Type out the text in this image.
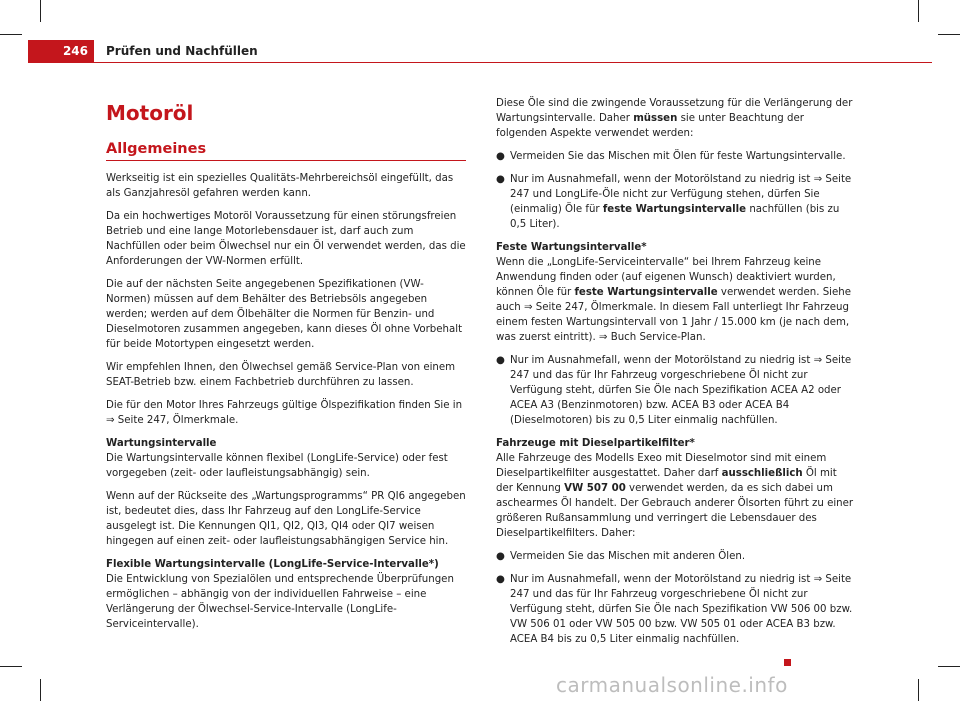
246 Prüfen und Nachfüllen
Motoröl
Allgemeines

Werkseitig ist ein spezielles Qualitäts-Mehrbereichsöl eingefüllt, das als Ganzjahresöl gefahren werden kann.

Da ein hochwertiges Motoröl Voraussetzung für einen störungsfreien Betrieb und eine lange Motorlebensdauer ist, darf auch zum Nachfüllen oder beim Ölwechsel nur ein Öl verwendet werden, das die Anforderungen der VW-Normen erfüllt.

Die auf der nächsten Seite angegebenen Spezifikationen (VW-Normen) müssen auf dem Behälter des Betriebsöls angegeben werden; werden auf dem Ölbehälter die Normen für Benzin- und Dieselmotoren zusammen angegeben, kann dieses Öl ohne Vorbehalt für beide Motortypen eingesetzt werden.

Wir empfehlen Ihnen, den Ölwechsel gemäß Service-Plan von einem SEAT-Betrieb bzw. einem Fachbetrieb durchführen zu lassen.

Die für den Motor Ihres Fahrzeugs gültige Ölspezifikation finden Sie in ⇒ Seite 247, Ölmerkmale.

Wartungsintervalle
Die Wartungsintervalle können flexibel (LongLife-Service) oder fest vorgegeben (zeit- oder laufleistungsabhängig) sein.

Wenn auf der Rückseite des „Wartungsprogramms“ PR QI6 angegeben ist, bedeutet dies, dass Ihr Fahrzeug auf den LongLife-Service ausgelegt ist. Die Kennungen QI1, QI2, QI3, QI4 oder QI7 weisen hingegen auf einen zeit- oder laufleistungsabhängigen Service hin.

Flexible Wartungsintervalle (LongLife-Service-Intervalle*)
Die Entwicklung von Spezialölen und entsprechende Überprüfungen ermöglichen – abhängig von der individuellen Fahrweise – eine Verlängerung der Ölwechsel-Service-Intervalle (LongLife-Serviceintervalle).

Diese Öle sind die zwingende Voraussetzung für die Verlängerung der Wartungsintervalle. Daher müssen sie unter Beachtung der folgenden Aspekte verwendet werden:

● Vermeiden Sie das Mischen mit Ölen für feste Wartungsintervalle.
● Nur im Ausnahmefall, wenn der Motorölstand zu niedrig ist ⇒ Seite 247 und LongLife-Öle nicht zur Verfügung stehen, dürfen Sie (einmalig) Öle für feste Wartungsintervalle nachfüllen (bis zu 0,5 Liter).

Feste Wartungsintervalle*
Wenn die „LongLife-Serviceintervalle“ bei Ihrem Fahrzeug keine Anwendung finden oder (auf eigenen Wunsch) deaktiviert wurden, können Öle für feste Wartungsintervalle verwendet werden. Siehe auch ⇒ Seite 247, Ölmerkmale. In diesem Fall unterliegt Ihr Fahrzeug einem festen Wartungsintervall von 1 Jahr / 15.000 km (je nach dem, was zuerst eintritt). ⇒ Buch Service-Plan.

● Nur im Ausnahmefall, wenn der Motorölstand zu niedrig ist ⇒ Seite 247 und das für Ihr Fahrzeug vorgeschriebene Öl nicht zur Verfügung steht, dürfen Sie Öle nach Spezifikation ACEA A2 oder ACEA A3 (Benzinmotoren) bzw. ACEA B3 oder ACEA B4 (Dieselmotoren) bis zu 0,5 Liter einmalig nachfüllen.

Fahrzeuge mit Dieselpartikelfilter*
Alle Fahrzeuge des Modells Exeo mit Dieselmotor sind mit einem Dieselpartikelfilter ausgestattet. Daher darf ausschließlich Öl mit der Kennung VW 507 00 verwendet werden, da es sich dabei um aschearmes Öl handelt. Der Gebrauch anderer Ölsorten führt zu einer größeren Rußansammlung und verringert die Lebensdauer des Dieselpartikelfilters. Daher:

● Vermeiden Sie das Mischen mit anderen Ölen.
● Nur im Ausnahmefall, wenn der Motorölstand zu niedrig ist ⇒ Seite 247 und das für Ihr Fahrzeug vorgeschriebene Öl nicht zur Verfügung steht, dürfen Sie Öle nach Spezifikation VW 506 00 bzw. VW 506 01 oder VW 505 00 bzw. VW 505 01 oder ACEA B3 bzw. ACEA B4 bis zu 0,5 Liter einmalig nachfüllen.
carmanualsonline.info
